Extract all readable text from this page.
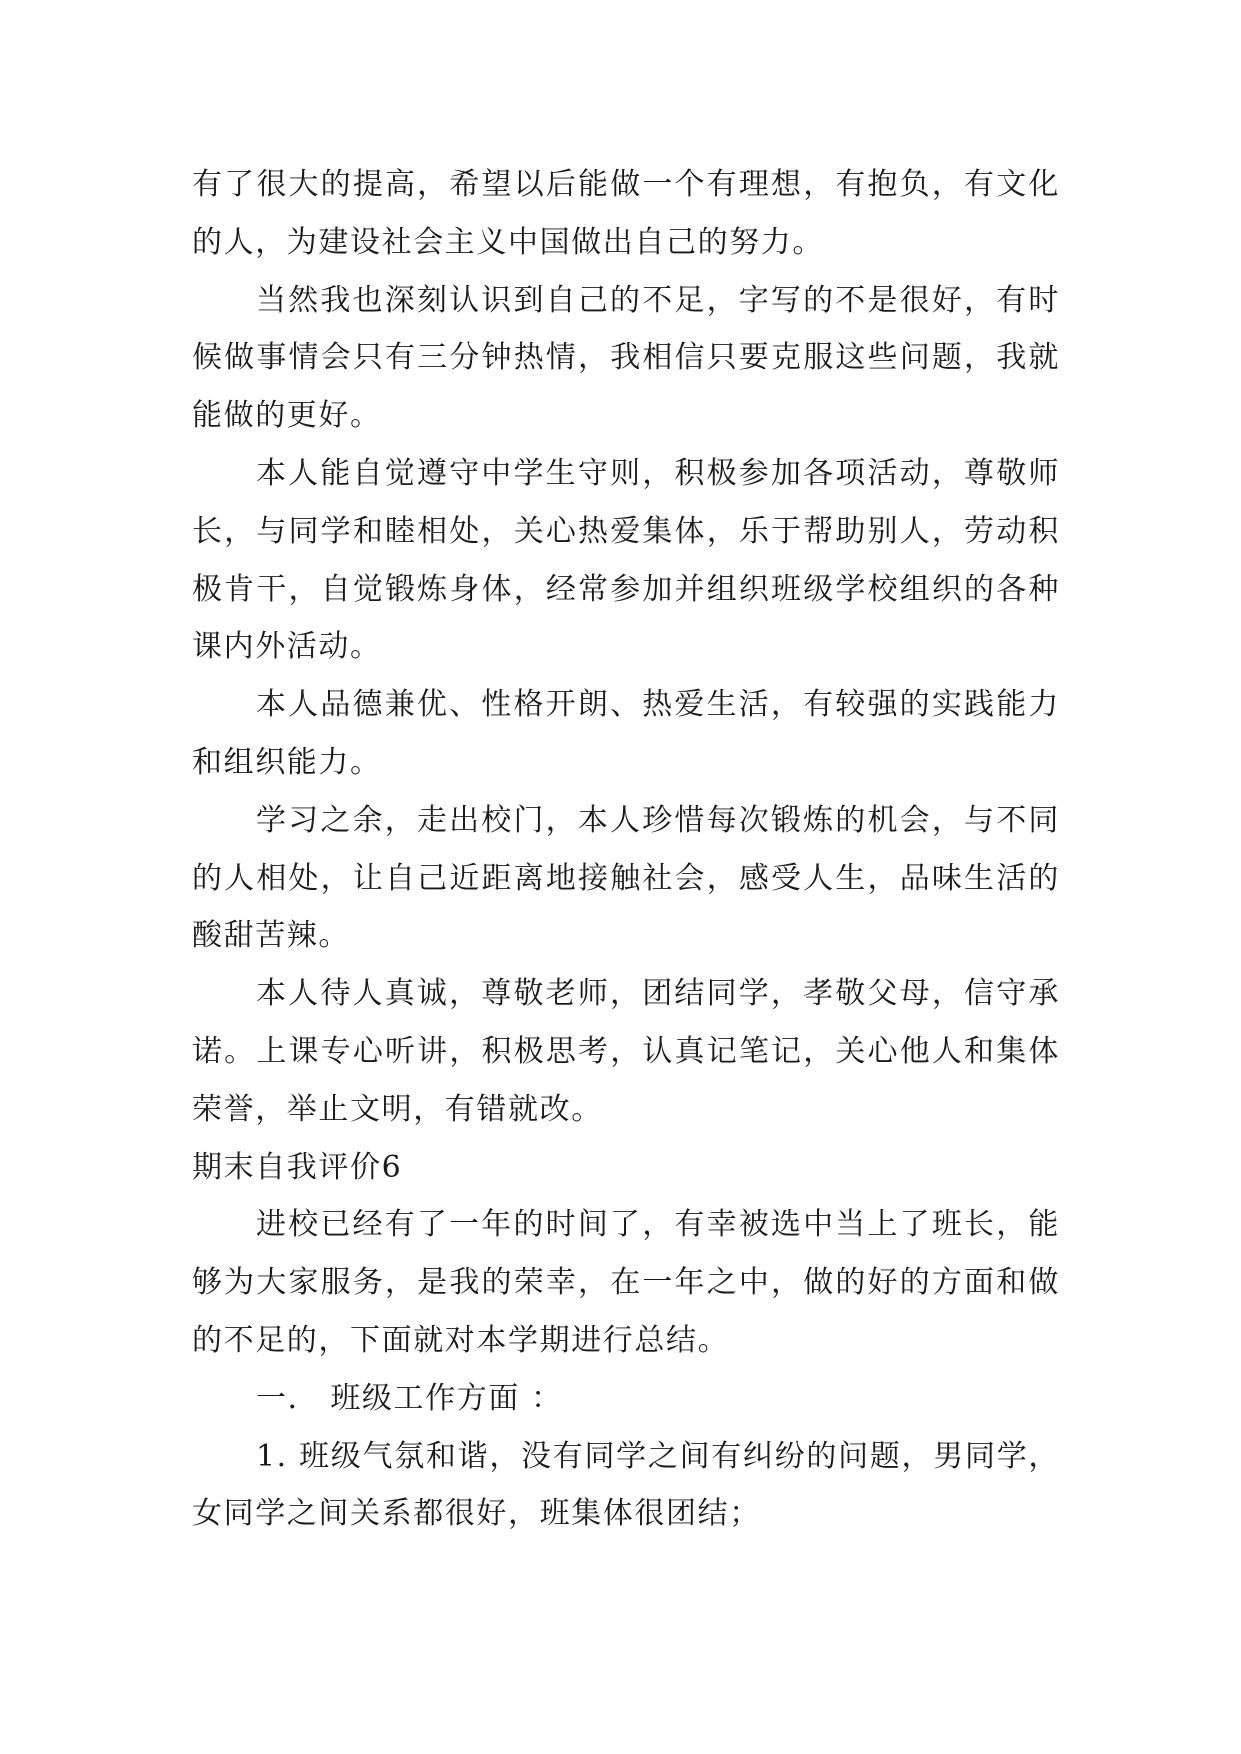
有了很大的提高，希望以后能做一个有理想，有抱负，有文化的人，为建设社会主义中国做出自己的努力。

当然我也深刻认识到自己的不足，字写的不是很好，有时候做事情会只有三分钟热情，我相信只要克服这些问题，我就能做的更好。

本人能自觉遵守中学生守则，积极参加各项活动，尊敬师长，与同学和睦相处，关心热爱集体，乐于帮助别人，劳动积极肯干，自觉锻炼身体，经常参加并组织班级学校组织的各种课内外活动。

本人品德兼优、性格开朗、热爱生活，有较强的实践能力和组织能力。

学习之余，走出校门，本人珍惜每次锻炼的机会，与不同的人相处，让自己近距离地接触社会，感受人生，品味生活的酸甜苦辣。

本人待人真诚，尊敬老师，团结同学，孝敬父母，信守承诺。上课专心听讲，积极思考，认真记笔记，关心他人和集体荣誉，举止文明，有错就改。

期末自我评价6

进校已经有了一年的时间了，有幸被选中当上了班长，能够为大家服务，是我的荣幸，在一年之中，做的好的方面和做的不足的，下面就对本学期进行总结。

一． 班级工作方面 ：

1. 班级气氛和谐，没有同学之间有纠纷的问题，男同学，女同学之间关系都很好，班集体很团结；
